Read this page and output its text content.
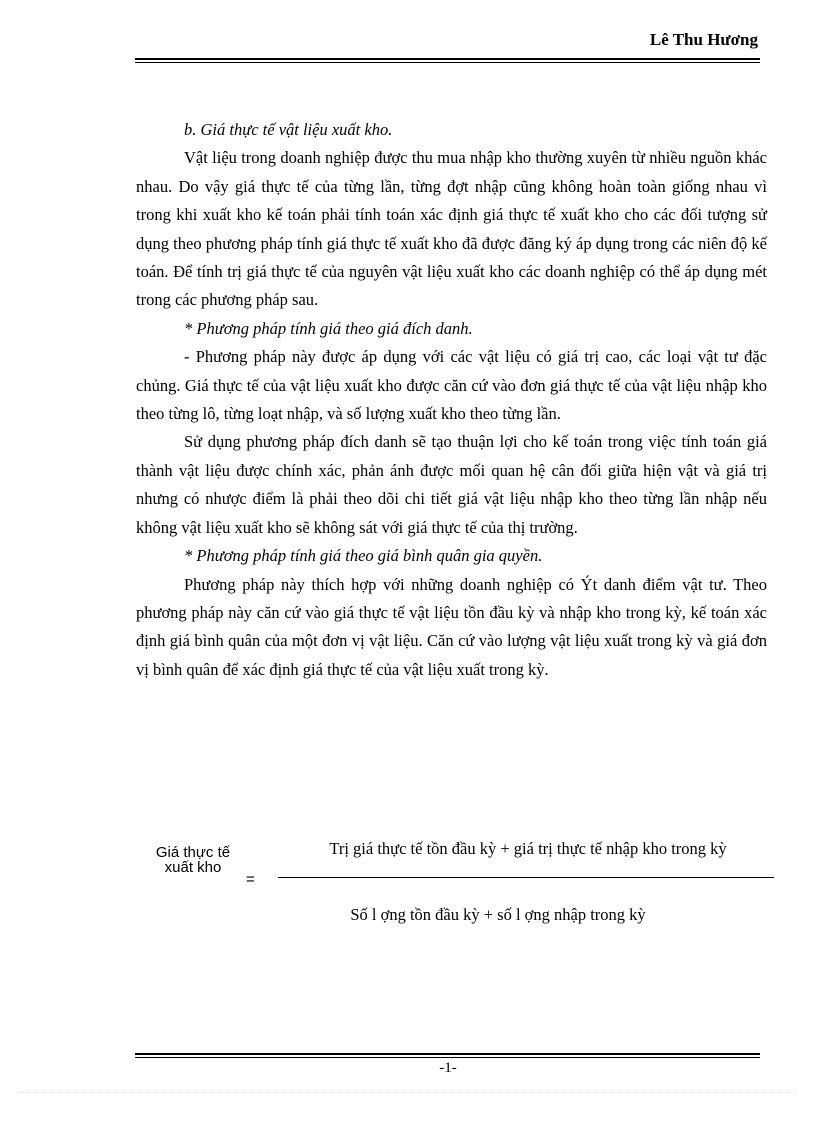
Lê Thu Hương

b. Giá thực tế vật liệu xuất kho.

Vật liệu trong doanh nghiệp được thu mua nhập kho thường xuyên từ nhiều nguồn khác nhau. Do vậy giá thực tế của từng lần, từng đợt nhập cũng không hoàn toàn giống nhau vì trong khi xuất kho kế toán phải tính toán xác định giá thực tế xuất kho cho các đối tượng sử dụng theo phương pháp tính giá thực tế xuất kho đã được đăng ký áp dụng trong các niên độ kế toán. Để tính trị giá thực tế của nguyên vật liệu xuất kho các doanh nghiệp có thể áp dụng mét trong các phương pháp sau.

* Phương pháp tính giá theo giá đích danh.

- Phương pháp này được áp dụng với các vật liệu có giá trị cao, các loại vật tư đặc chủng. Giá thực tế của vật liệu xuất kho được căn cứ vào đơn giá thực tế của vật liệu nhập kho theo từng lô, từng loạt nhập, và số lượng xuất kho theo từng lần.

Sử dụng phương pháp đích danh sẽ tạo thuận lợi cho kế toán trong việc tính toán giá thành vật liệu được chính xác, phản ánh được mối quan hệ cân đối giữa hiện vật và giá trị nhưng có nhược điểm là phải theo dõi chi tiết giá vật liệu nhập kho theo từng lần nhập nếu không vật liệu xuất kho sẽ không sát với giá thực tế của thị trường.

* Phương pháp tính giá theo giá bình quân gia quyền.

Phương pháp này thích hợp với những doanh nghiệp có Ýt danh điểm vật tư. Theo phương pháp này căn cứ vào giá thực tế vật liệu tồn đầu kỳ và nhập kho trong kỳ, kế toán xác định giá bình quân của một đơn vị vật liệu. Căn cứ vào lượng vật liệu xuất trong kỳ và giá đơn vị bình quân để xác định giá thực tế của vật liệu xuất trong kỳ.

Giá thực tế xuất kho
=
Trị giá thực tế tồn đầu kỳ + giá trị thực tế nhập kho trong kỳ
Số l ợng tồn đầu kỳ + số l ợng nhập trong kỳ
-1-
